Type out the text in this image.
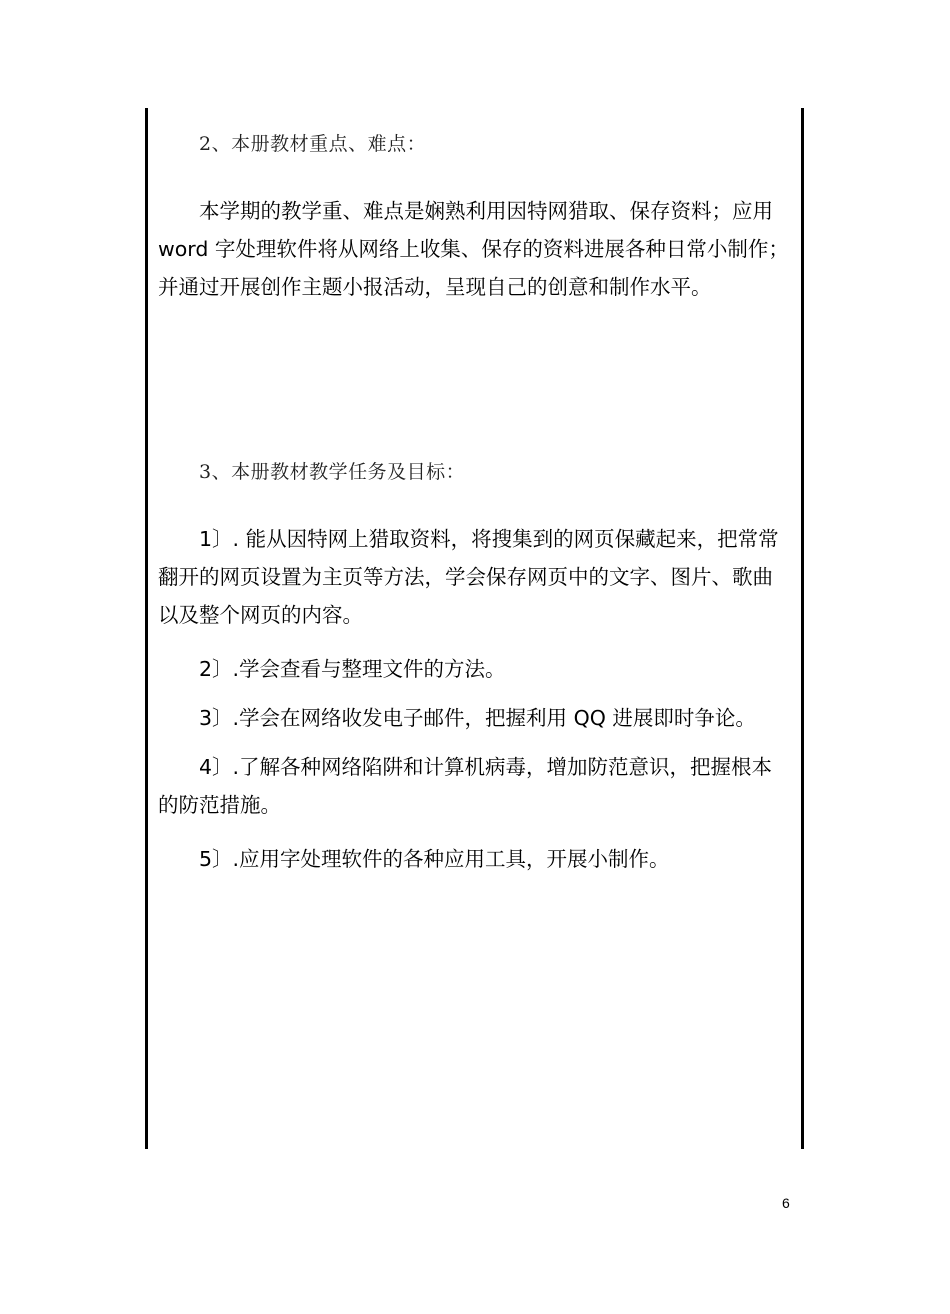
2、本册教材重点、难点：

本学期的教学重、难点是娴熟利用因特网猎取、保存资料；应用

word 字处理软件将从网络上收集、保存的资料进展各种日常小制作；

并通过开展创作主题小报活动，呈现自己的创意和制作水平。

3、本册教材教学任务及目标：

1〕. 能从因特网上猎取资料，将搜集到的网页保藏起来，把常常

翻开的网页设置为主页等方法，学会保存网页中的文字、图片、歌曲

以及整个网页的内容。

2〕.学会查看与整理文件的方法。

3〕.学会在网络收发电子邮件，把握利用 QQ 进展即时争论。

4〕.了解各种网络陷阱和计算机病毒，增加防范意识，把握根本

的防范措施。

5〕.应用字处理软件的各种应用工具，开展小制作。

6
